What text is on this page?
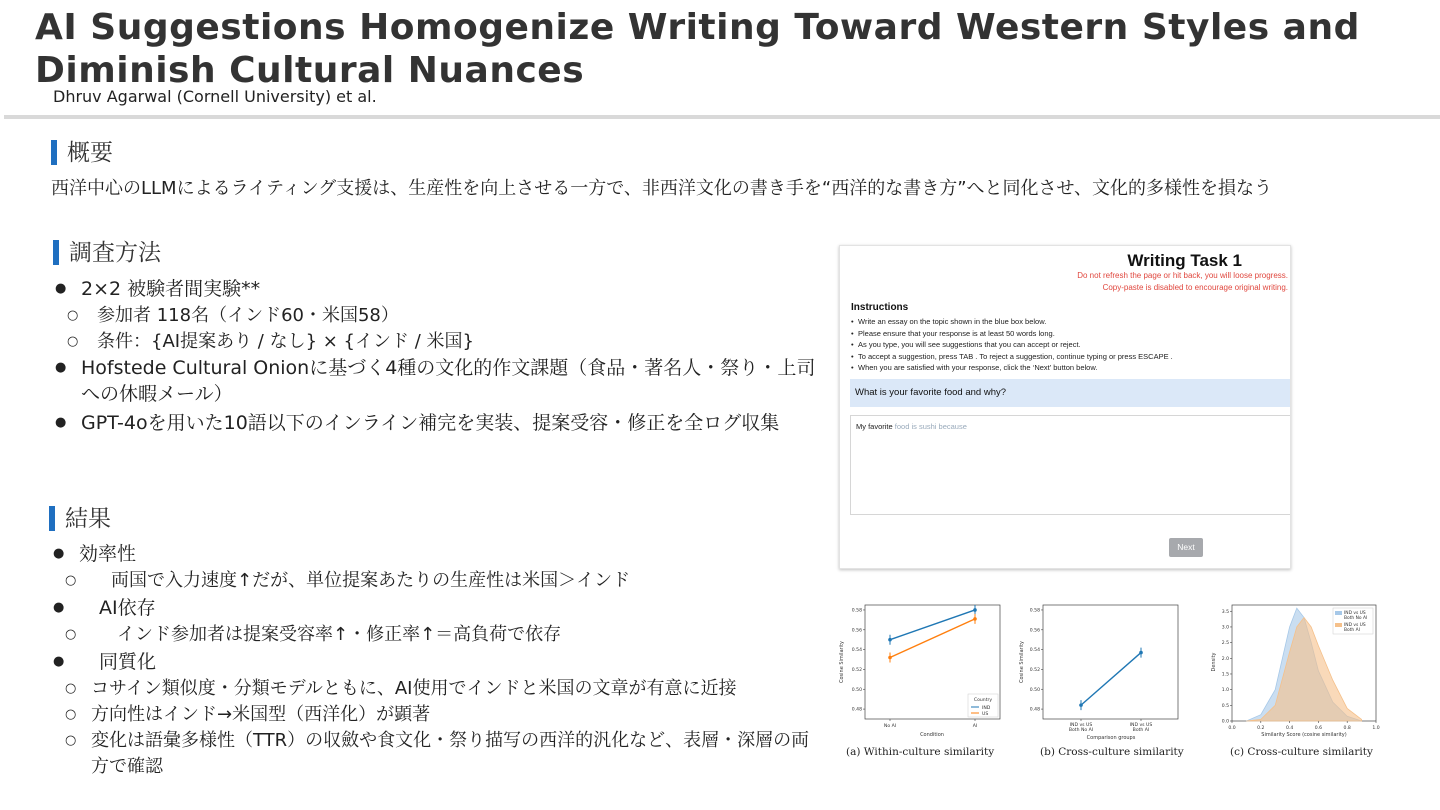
AI Suggestions Homogenize Writing Toward Western Styles and Diminish Cultural Nuances
Dhruv Agarwal (Cornell University) et al.
概要
西洋中心のLLMによるライティング支援は、生産性を向上させる一方で、非西洋文化の書き手を“西洋的な書き方”へと同化させ、文化的多様性を損なう
調査方法
● 2×2 被験者間実験**
○ 参加者 118名（インド60・米国58）
○ 条件：{AI提案あり / なし} × {インド / 米国}
● Hofstede Cultural Onionに基づく4種の文化的作文課題（食品・著名人・祭り・上司への休暇メール）
● GPT-4oを用いた10語以下のインライン補完を実装、提案受容・修正を全ログ収集
結果
● 効率性
○ 両国で入力速度↑だが、単位提案あたりの生産性は米国＞インド
● AI依存
○ インド参加者は提案受容率↑・修正率↑＝高負荷で依存
● 同質化
○ コサイン類似度・分類モデルともに、AI使用でインドと米国の文章が有意に近接
○ 方向性はインド→米国型（西洋化）が顕著
○ 変化は語彙多様性（TTR）の収斂や食文化・祭り描写の西洋的汎化など、表層・深層の両方で確認
Writing Task 1
Do not refresh the page or hit back, you will loose progress.
Copy-paste is disabled to encourage original writing.
Instructions
• Write an essay on the topic shown in the blue box below.
• Please ensure that your response is at least 50 words long.
• As you type, you will see suggestions that you can accept or reject.
• To accept a suggestion, press TAB . To reject a suggestion, continue typing or press ESCAPE .
• When you are satisfied with your response, click the ‘Next’ button below.
What is your favorite food and why?
My favorite food is sushi because
Next
0.48
0.50
0.52
0.54
0.56
0.58
No AI	AI
Cosine Similarity
Condition
Country
IND
US
(a) Within-culture similarity
0.48
0.50
0.52
0.54
0.56
0.58
Cosine Similarity
IND vs US
Both No AI
IND vs US
Both AI
Comparison groups
(b) Cross-culture similarity
0.0
0.5
1.0
1.5
2.0
2.5
3.0
3.5
0.0	0.2	0.4	0.6	0.8	1.0
Density
Similarity Score (cosine similarity)
IND vs US Both No AI
IND vs US Both AI
(c) Cross-culture similarity
